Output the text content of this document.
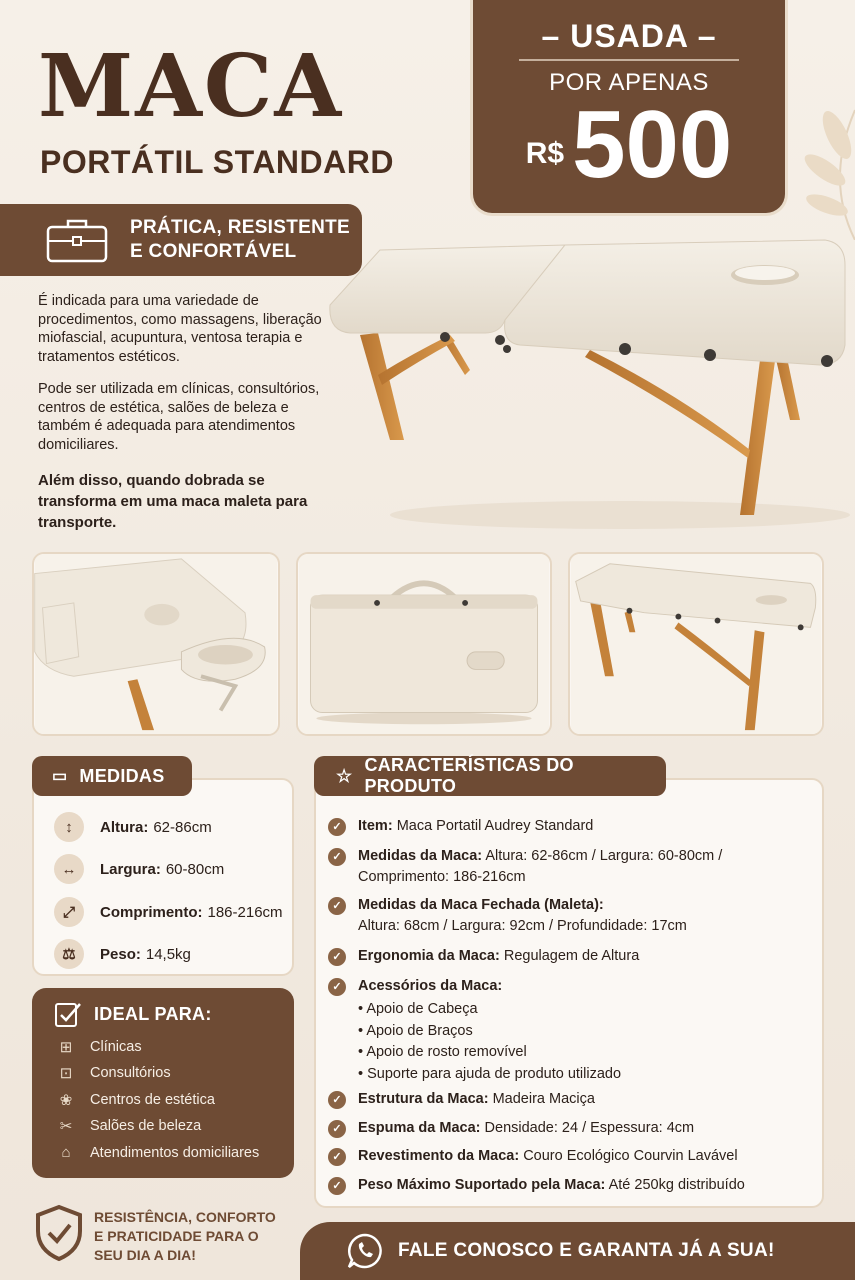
MACA
PORTÁTIL STANDARD
– USADA –
POR APENAS
R$ 500
PRÁTICA, RESISTENTE
E CONFORTÁVEL
É indicada para uma variedade de procedimentos, como massagens, liberação miofascial, acupuntura, ventosa terapia e tratamentos estéticos.
Pode ser utilizada em clínicas, consultórios, centros de estética, salões de beleza e também é adequada para atendimentos domiciliares.
Além disso, quando dobrada se transforma em uma maca maleta para transporte.
↕	Altura: 62-86cm
↔	Largura: 60-80cm
⤢	Comprimento: 186-216cm
⚖	Peso: 14,5kg
▭ MEDIDAS
IDEAL PARA:
⊞	Clínicas
⊡	Consultórios
❀	Centros de estética
✂	Salões de beleza
⌂	Atendimentos domiciliares
✓	Item: Maca Portatil Audrey Standard
✓	Medidas da Maca: Altura: 62-86cm / Largura: 60-80cm /
Comprimento: 186-216cm
✓	Medidas da Maca Fechada (Maleta):
Altura: 68cm / Largura: 92cm / Profundidade: 17cm
✓	Ergonomia da Maca: Regulagem de Altura
✓	Acessórios da Maca:
• Apoio de Cabeça
• Apoio de Braços
• Apoio de rosto removível
• Suporte para ajuda de produto utilizado
✓	Estrutura da Maca: Madeira Maciça
✓	Espuma da Maca: Densidade: 24 / Espessura: 4cm
✓	Revestimento da Maca: Couro Ecológico Courvin Lavável
✓	Peso Máximo Suportado pela Maca: Até 250kg distribuído
☆
CARACTERÍSTICAS DO PRODUTO
RESISTÊNCIA, CONFORTO
E PRATICIDADE PARA O
SEU DIA A DIA!	FALE CONOSCO E GARANTA JÁ A SUA!
